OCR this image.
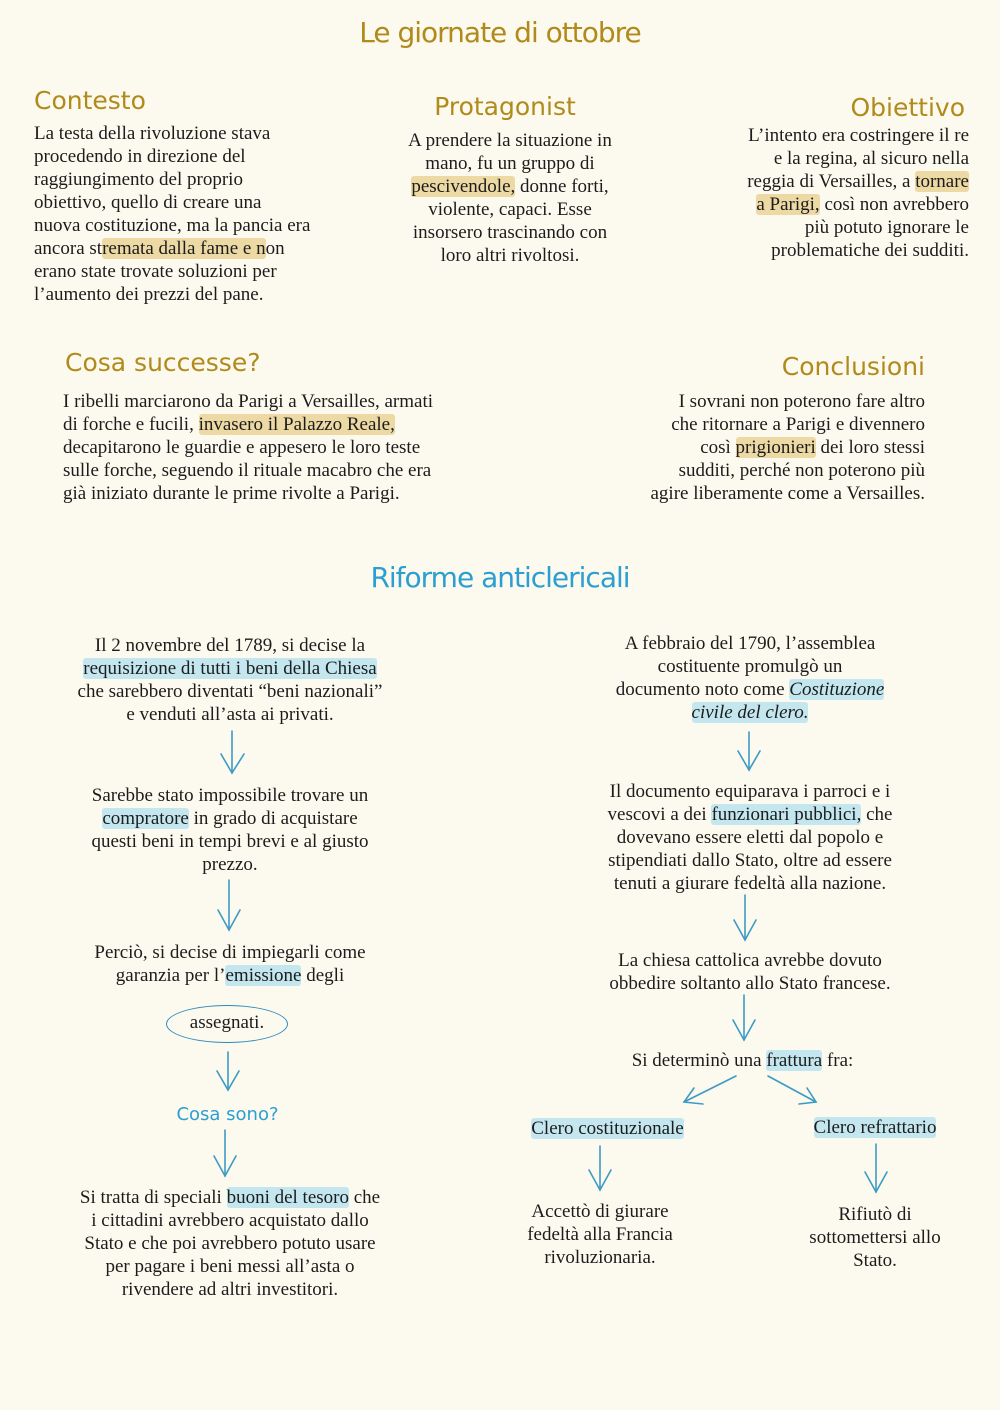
Le giornate di ottobre
Riforme anticlericali
Contesto
La testa della rivoluzione stava
procedendo in direzione del
raggiungimento del proprio
obiettivo, quello di creare una
nuova costituzione, ma la pancia era
ancora stremata dalla fame e non
erano state trovate soluzioni per
l’aumento dei prezzi del pane.
Protagonist
A prendere la situazione in
mano, fu un gruppo di
pescivendole, donne forti,
violente, capaci. Esse
insorsero trascinando con
loro altri rivoltosi.
Obiettivo
L’intento era costringere il re
e la regina, al sicuro nella
reggia di Versailles, a tornare
a Parigi, così non avrebbero
più potuto ignorare le
problematiche dei sudditi.
Cosa successe?
I ribelli marciarono da Parigi a Versailles, armati
di forche e fucili, invasero il Palazzo Reale,
decapitarono le guardie e appesero le loro teste
sulle forche, seguendo il rituale macabro che era
già iniziato durante le prime rivolte a Parigi.
Conclusioni
I sovrani non poterono fare altro
che ritornare a Parigi e divennero
così prigionieri dei loro stessi
sudditi, perché non poterono più
agire liberamente come a Versailles.
Il 2 novembre del 1789, si decise la
requisizione di tutti i beni della Chiesa
che sarebbero diventati “beni nazionali”
e venduti all’asta ai privati.
Sarebbe stato impossibile trovare un
compratore in grado di acquistare
questi beni in tempi brevi e al giusto
prezzo.
Perciò, si decise di impiegarli come
garanzia per l’emissione degli
assegnati.
Cosa sono?
Si tratta di speciali buoni del tesoro che
i cittadini avrebbero acquistato dallo
Stato e che poi avrebbero potuto usare
per pagare i beni messi all’asta o
rivendere ad altri investitori.
A febbraio del 1790, l’assemblea
costituente promulgò un
documento noto come Costituzione
civile del clero.
Il documento equiparava i parroci e i
vescovi a dei funzionari pubblici, che
dovevano essere eletti dal popolo e
stipendiati dallo Stato, oltre ad essere
tenuti a giurare fedeltà alla nazione.
La chiesa cattolica avrebbe dovuto
obbedire soltanto allo Stato francese.
Si determinò una frattura fra:
Clero costituzionale	Clero refrattario
Accettò di giurare
fedeltà alla Francia
rivoluzionaria.
Rifiutò di
sottomettersi allo
Stato.
